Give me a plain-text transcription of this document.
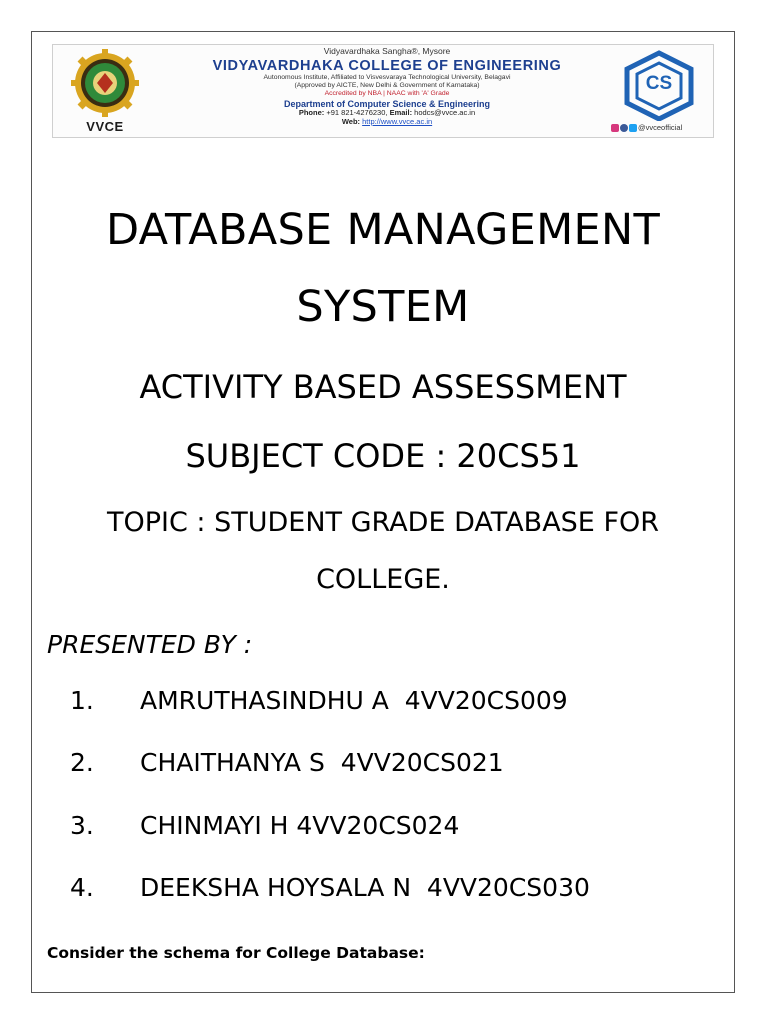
VVCE
Vidyavardhaka Sangha®, Mysore
VIDYAVARDHAKA COLLEGE OF ENGINEERING
Autonomous Institute, Affiliated to Visvesvaraya Technological University, Belagavi
(Approved by AICTE, New Delhi & Government of Karnataka)
Accredited by NBA | NAAC with 'A' Grade
Department of Computer Science & Engineering
Phone: +91 821-4276230, Email: hodcs@vvce.ac.in
Web: http://www.vvce.ac.in
CS
@vvceofficial
DATABASE MANAGEMENT
SYSTEM
ACTIVITY BASED ASSESSMENT
SUBJECT CODE : 20CS51
TOPIC : STUDENT GRADE DATABASE FOR
COLLEGE.
PRESENTED BY :

1.

AMRUTHASINDHU A  4VV20CS009

2.

CHAITHANYA S  4VV20CS021

3.

CHINMAYI H 4VV20CS024

4.

DEEKSHA HOYSALA N  4VV20CS030

Consider the schema for College Database:
